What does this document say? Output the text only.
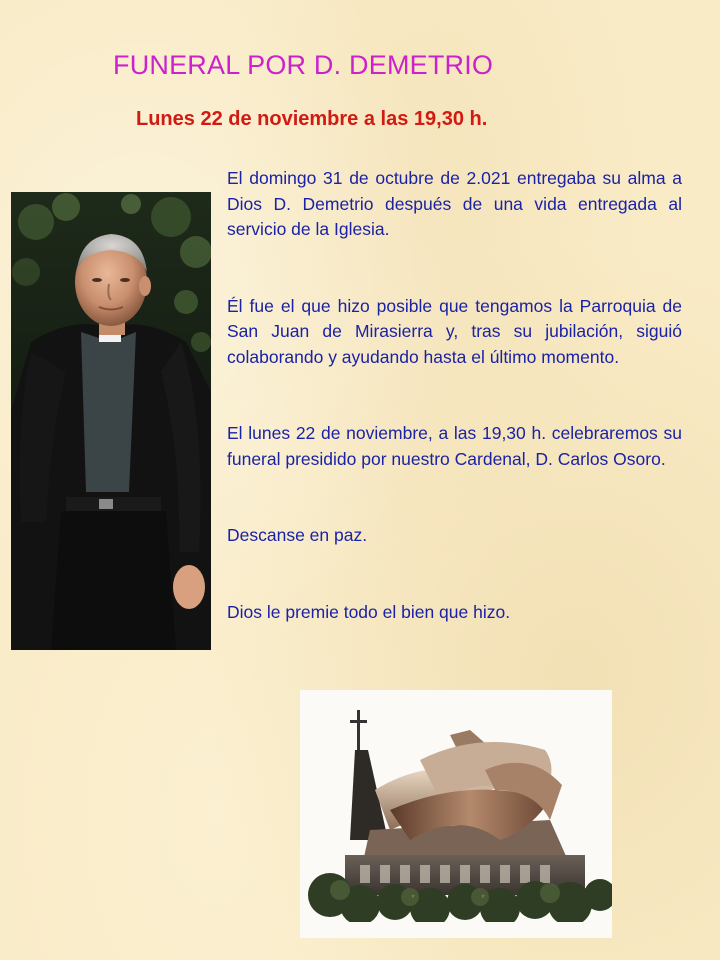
FUNERAL POR D. DEMETRIO
Lunes 22 de noviembre a las 19,30 h.

El domingo 31 de octubre de 2.021 entregaba su alma a Dios D. Demetrio después de una vida entregada al servicio de la Iglesia.

Él fue el que hizo posible que tengamos la Parroquia de San Juan de Mirasierra y, tras su jubilación, siguió colaborando y ayudando hasta el último momento.

El lunes 22 de noviembre, a las 19,30 h. celebraremos su funeral presidido por nuestro Cardenal, D. Carlos Osoro.

Descanse en paz.

Dios le premie todo el bien que hizo.
